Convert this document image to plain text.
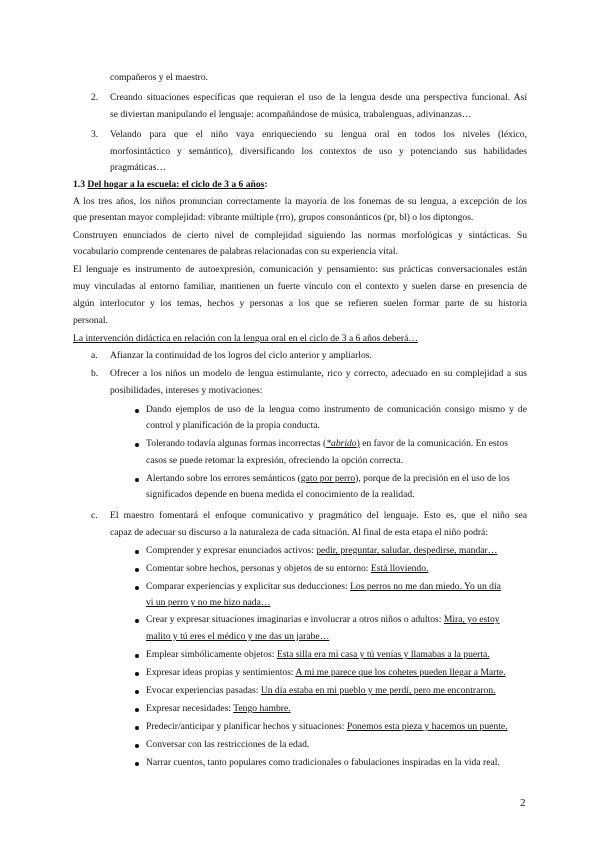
compañeros y el maestro.
2. Creando situaciones específicas que requieran el uso de la lengua desde una perspectiva funcional. Así
se diviertan manipulando el lenguaje: acompañándose de música, trabalenguas, adivinanzas…
3. Velando para que el niño vaya enriqueciendo su lengua oral en todos los niveles (léxico,
morfosintáctico y semántico), diversificando los contextos de uso y potenciando sus habilidades
pragmáticas…
1.3 Del hogar a la escuela: el ciclo de 3 a 6 años:
A los tres años, los niños pronuncian correctamente la mayoría de los fonemas de su lengua, a excepción de los
que presentan mayor complejidad: vibrante múltiple (rro), grupos consonánticos (pr, bl) o los diptongos.
Construyen enunciados de cierto nivel de complejidad siguiendo las normas morfológicas y sintácticas. Su
vocabulario comprende centenares de palabras relacionadas con su experiencia vital.
El lenguaje es instrumento de autoexpresión, comunicación y pensamiento: sus prácticas conversacionales están
muy vinculadas al entorno familiar, mantienen un fuerte vínculo con el contexto y suelen darse en presencia de
algún interlocutor y los temas, hechos y personas a los que se refieren suelen formar parte de su historia
personal.
La intervención didáctica en relación con la lengua oral en el ciclo de 3 a 6 años deberá…
a. Afianzar la continuidad de los logros del ciclo anterior y ampliarlos.
b. Ofrecer a los niños un modelo de lengua estimulante, rico y correcto, adecuado en su complejidad a sus
posibilidades, intereses y motivaciones:
Dando ejemplos de uso de la lengua como instrumento de comunicación consigo mismo y de
control y planificación de la propia conducta.
Tolerando todavía algunas formas incorrectas (*abrido) en favor de la comunicación. En estos
casos se puede retomar la expresión, ofreciendo la opción correcta.
Alertando sobre los errores semánticos (gato por perro), porque de la precisión en el uso de los
significados depende en buena medida el conocimiento de la realidad.
c. El maestro fomentará el enfoque comunicativo y pragmático del lenguaje. Esto es, que el niño sea
capaz de adecuar su discurso a la naturaleza de cada situación. Al final de esta etapa el niño podrá:
Comprender y expresar enunciados activos: pedir, preguntar, saludar, despedirse, mandar…
Comentar sobre hechos, personas y objetos de su entorno: Está lloviendo.
Comparar experiencias y explicitar sus deducciones: Los perros no me dan miedo. Yo un día
vi un perro y no me hizo nada…
Crear y expresar situaciones imaginarias e involucrar a otros niños o adultos: Mira, yo estoy
malito y tú eres el médico y me das un jarabe…
Emplear simbólicamente objetos: Esta silla era mi casa y tú venías y llamabas a la puerta.
Expresar ideas propias y sentimientos: A mí me parece que los cohetes pueden llegar a Marte.
Evocar experiencias pasadas: Un día estaba en mi pueblo y me perdí, pero me encontraron.
Expresar necesidades: Tengo hambre.
Predecir/anticipar y planificar hechos y situaciones: Ponemos esta pieza y hacemos un puente.
Conversar con las restricciones de la edad.
Narrar cuentos, tanto populares como tradicionales o fabulaciones inspiradas en la vida real.
2
